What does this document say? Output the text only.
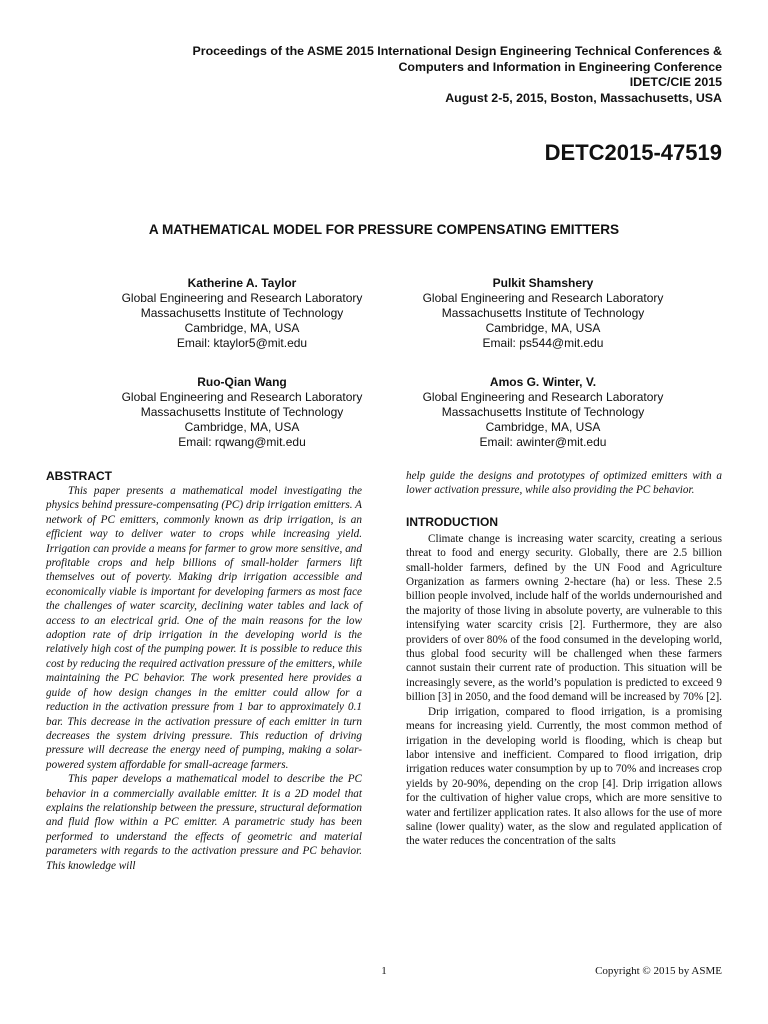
Proceedings of the ASME 2015 International Design Engineering Technical Conferences &
Computers and Information in Engineering Conference
IDETC/CIE 2015
August 2-5, 2015, Boston, Massachusetts, USA
DETC2015-47519
A MATHEMATICAL MODEL FOR PRESSURE COMPENSATING EMITTERS
Katherine A. Taylor
Global Engineering and Research Laboratory
Massachusetts Institute of Technology
Cambridge, MA, USA
Email: ktaylor5@mit.edu
Pulkit Shamshery
Global Engineering and Research Laboratory
Massachusetts Institute of Technology
Cambridge, MA, USA
Email: ps544@mit.edu
Ruo-Qian Wang
Global Engineering and Research Laboratory
Massachusetts Institute of Technology
Cambridge, MA, USA
Email: rqwang@mit.edu
Amos G. Winter, V.
Global Engineering and Research Laboratory
Massachusetts Institute of Technology
Cambridge, MA, USA
Email: awinter@mit.edu
ABSTRACT

This paper presents a mathematical model investigating the physics behind pressure-compensating (PC) drip irrigation emitters. A network of PC emitters, commonly known as drip irrigation, is an efficient way to deliver water to crops while increasing yield. Irrigation can provide a means for farmer to grow more sensitive, and profitable crops and help billions of small-holder farmers lift themselves out of poverty. Making drip irrigation accessible and economically viable is important for developing farmers as most face the challenges of water scarcity, declining water tables and lack of access to an electrical grid. One of the main reasons for the low adoption rate of drip irrigation in the developing world is the relatively high cost of the pumping power. It is possible to reduce this cost by reducing the required activation pressure of the emitters, while maintaining the PC behavior. The work presented here provides a guide of how design changes in the emitter could allow for a reduction in the activation pressure from 1 bar to approximately 0.1 bar. This decrease in the activation pressure of each emitter in turn decreases the system driving pressure. This reduction of driving pressure will decrease the energy need of pumping, making a solar-powered system affordable for small-acreage farmers.

This paper develops a mathematical model to describe the PC behavior in a commercially available emitter. It is a 2D model that explains the relationship between the pressure, structural deformation and fluid flow within a PC emitter. A parametric study has been performed to understand the effects of geometric and material parameters with regards to the activation pressure and PC behavior. This knowledge will

help guide the designs and prototypes of optimized emitters with a lower activation pressure, while also providing the PC behavior.

INTRODUCTION

Climate change is increasing water scarcity, creating a serious threat to food and energy security. Globally, there are 2.5 billion small-holder farmers, defined by the UN Food and Agriculture Organization as farmers owning 2-hectare (ha) or less. These 2.5 billion people involved, include half of the worlds undernourished and the majority of those living in absolute poverty, are vulnerable to this intensifying water scarcity crisis [2]. Furthermore, they are also providers of over 80% of the food consumed in the developing world, thus global food security will be challenged when these farmers cannot sustain their current rate of production. This situation will be increasingly severe, as the world’s population is predicted to exceed 9 billion [3] in 2050, and the food demand will be increased by 70% [2].

Drip irrigation, compared to flood irrigation, is a promising means for increasing yield. Currently, the most common method of irrigation in the developing world is flooding, which is cheap but labor intensive and inefficient. Compared to flood irrigation, drip irrigation reduces water consumption by up to 70% and increases crop yields by 20-90%, depending on the crop [4]. Drip irrigation allows for the cultivation of higher value crops, which are more sensitive to water and fertilizer application rates. It also allows for the use of more saline (lower quality) water, as the slow and regulated application of the water reduces the concentration of the salts

1	Copyright © 2015 by ASME
